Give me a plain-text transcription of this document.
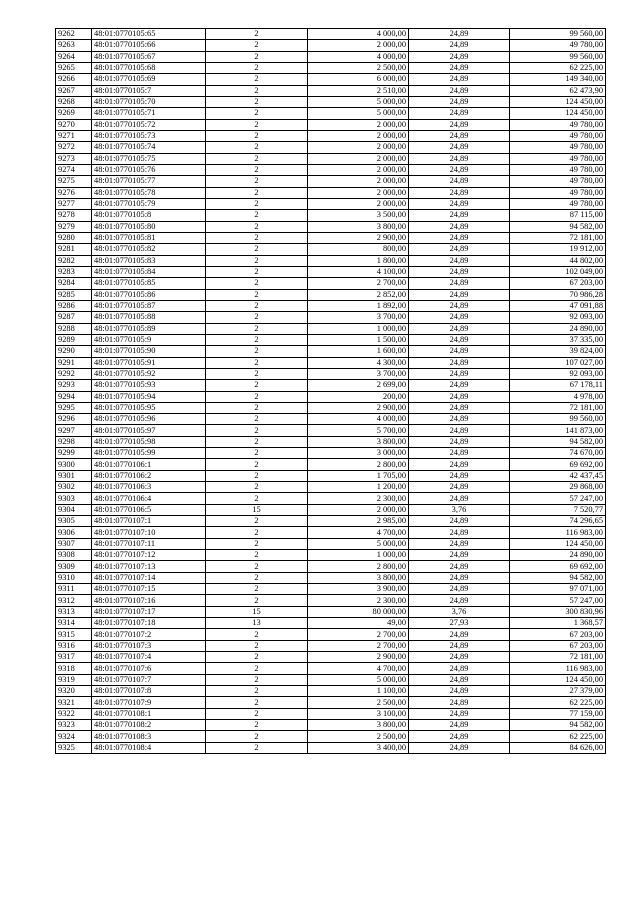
9262	48:01:0770105:65	2	4 000,00	24,89	99 560,00
9263	48:01:0770105:66	2	2 000,00	24,89	49 780,00
9264	48:01:0770105:67	2	4 000,00	24,89	99 560,00
9265	48:01:0770105:68	2	2 500,00	24,89	62 225,00
9266	48:01:0770105:69	2	6 000,00	24,89	149 340,00
9267	48:01:0770105:7	2	2 510,00	24,89	62 473,90
9268	48:01:0770105:70	2	5 000,00	24,89	124 450,00
9269	48:01:0770105:71	2	5 000,00	24,89	124 450,00
9270	48:01:0770105:72	2	2 000,00	24,89	49 780,00
9271	48:01:0770105:73	2	2 000,00	24,89	49 780,00
9272	48:01:0770105:74	2	2 000,00	24,89	49 780,00
9273	48:01:0770105:75	2	2 000,00	24,89	49 780,00
9274	48:01:0770105:76	2	2 000,00	24,89	49 780,00
9275	48:01:0770105:77	2	2 000,00	24,89	49 780,00
9276	48:01:0770105:78	2	2 000,00	24,89	49 780,00
9277	48:01:0770105:79	2	2 000,00	24,89	49 780,00
9278	48:01:0770105:8	2	3 500,00	24,89	87 115,00
9279	48:01:0770105:80	2	3 800,00	24,89	94 582,00
9280	48:01:0770105:81	2	2 900,00	24,89	72 181,00
9281	48:01:0770105:82	2	800,00	24,89	19 912,00
9282	48:01:0770105:83	2	1 800,00	24,89	44 802,00
9283	48:01:0770105:84	2	4 100,00	24,89	102 049,00
9284	48:01:0770105:85	2	2 700,00	24,89	67 203,00
9285	48:01:0770105:86	2	2 852,00	24,89	70 986,28
9286	48:01:0770105:87	2	1 892,00	24,89	47 091,88
9287	48:01:0770105:88	2	3 700,00	24,89	92 093,00
9288	48:01:0770105:89	2	1 000,00	24,89	24 890,00
9289	48:01:0770105:9	2	1 500,00	24,89	37 335,00
9290	48:01:0770105:90	2	1 600,00	24,89	39 824,00
9291	48:01:0770105:91	2	4 300,00	24,89	107 027,00
9292	48:01:0770105:92	2	3 700,00	24,89	92 093,00
9293	48:01:0770105:93	2	2 699,00	24,89	67 178,11
9294	48:01:0770105:94	2	200,00	24,89	4 978,00
9295	48:01:0770105:95	2	2 900,00	24,89	72 181,00
9296	48:01:0770105:96	2	4 000,00	24,89	99 560,00
9297	48:01:0770105:97	2	5 700,00	24,89	141 873,00
9298	48:01:0770105:98	2	3 800,00	24,89	94 582,00
9299	48:01:0770105:99	2	3 000,00	24,89	74 670,00
9300	48:01:0770106:1	2	2 800,00	24,89	69 692,00
9301	48:01:0770106:2	2	1 705,00	24,89	42 437,45
9302	48:01:0770106:3	2	1 200,00	24,89	29 868,00
9303	48:01:0770106:4	2	2 300,00	24,89	57 247,00
9304	48:01:0770106:5	15	2 000,00	3,76	7 520,77
9305	48:01:0770107:1	2	2 985,00	24,89	74 296,65
9306	48:01:0770107:10	2	4 700,00	24,89	116 983,00
9307	48:01:0770107:11	2	5 000,00	24,89	124 450,00
9308	48:01:0770107:12	2	1 000,00	24,89	24 890,00
9309	48:01:0770107:13	2	2 800,00	24,89	69 692,00
9310	48:01:0770107:14	2	3 800,00	24,89	94 582,00
9311	48:01:0770107:15	2	3 900,00	24,89	97 071,00
9312	48:01:0770107:16	2	2 300,00	24,89	57 247,00
9313	48:01:0770107:17	15	80 000,00	3,76	300 830,96
9314	48:01:0770107:18	13	49,00	27,93	1 368,57
9315	48:01:0770107:2	2	2 700,00	24,89	67 203,00
9316	48:01:0770107:3	2	2 700,00	24,89	67 203,00
9317	48:01:0770107:4	2	2 900,00	24,89	72 181,00
9318	48:01:0770107:6	2	4 700,00	24,89	116 983,00
9319	48:01:0770107:7	2	5 000,00	24,89	124 450,00
9320	48:01:0770107:8	2	1 100,00	24,89	27 379,00
9321	48:01:0770107:9	2	2 500,00	24,89	62 225,00
9322	48:01:0770108:1	2	3 100,00	24,89	77 159,00
9323	48:01:0770108:2	2	3 800,00	24,89	94 582,00
9324	48:01:0770108:3	2	2 500,00	24,89	62 225,00
9325	48:01:0770108:4	2	3 400,00	24,89	84 626,00
